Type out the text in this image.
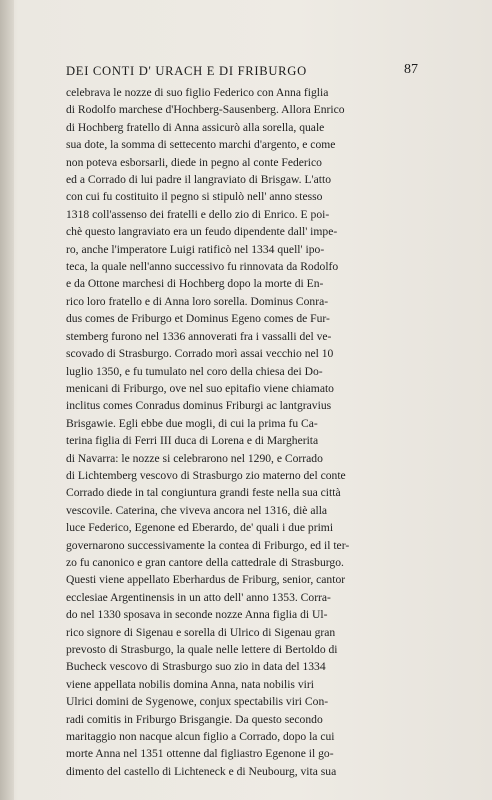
DEI CONTI D' URACH E DI FRIBURGO	87
celebrava le nozze di suo figlio Federico con Anna figlia
di Rodolfo marchese d'Hochberg-Sausenberg. Allora Enrico
di Hochberg fratello di Anna assicurò alla sorella, quale
sua dote, la somma di settecento marchi d'argento, e come
non poteva esborsarli, diede in pegno al conte Federico
ed a Corrado di lui padre il langraviato di Brisgaw. L'atto
con cui fu costituito il pegno si stipulò nell' anno stesso
1318 coll'assenso dei fratelli e dello zio di Enrico. E poi-
chè questo langraviato era un feudo dipendente dall' impe-
ro, anche l'imperatore Luigi ratificò nel 1334 quell' ipo-
teca, la quale nell'anno successivo fu rinnovata da Rodolfo
e da Ottone marchesi di Hochberg dopo la morte di En-
rico loro fratello e di Anna loro sorella. Dominus Conra-
dus comes de Friburgo et Dominus Egeno comes de Fur-
stemberg furono nel 1336 annoverati fra i vassalli del ve-
scovado di Strasburgo. Corrado morì assai vecchio nel 10
luglio 1350, e fu tumulato nel coro della chiesa dei Do-
menicani di Friburgo, ove nel suo epitafio viene chiamato
inclitus comes Conradus dominus Friburgi ac lantgravius
Brisgawie. Egli ebbe due mogli, di cui la prima fu Ca-
terina figlia di Ferri III duca di Lorena e di Margherita
di Navarra: le nozze si celebrarono nel 1290, e Corrado
di Lichtemberg vescovo di Strasburgo zio materno del conte
Corrado diede in tal congiuntura grandi feste nella sua città
vescovile. Caterina, che viveva ancora nel 1316, diè alla
luce Federico, Egenone ed Eberardo, de' quali i due primi
governarono successivamente la contea di Friburgo, ed il ter-
zo fu canonico e gran cantore della cattedrale di Strasburgo.
Questi viene appellato Eberhardus de Friburg, senior, cantor
ecclesiae Argentinensis in un atto dell' anno 1353. Corra-
do nel 1330 sposava in seconde nozze Anna figlia di Ul-
rico signore di Sigenau e sorella di Ulrico di Sigenau gran
prevosto di Strasburgo, la quale nelle lettere di Bertoldo di
Bucheck vescovo di Strasburgo suo zio in data del 1334
viene appellata nobilis domina Anna, nata nobilis viri
Ulrici domini de Sygenowe, conjux spectabilis viri Con-
radi comitis in Friburgo Brisgangie. Da questo secondo
maritaggio non nacque alcun figlio a Corrado, dopo la cui
morte Anna nel 1351 ottenne dal figliastro Egenone il go-
dimento del castello di Lichteneck e di Neubourg, vita sua
